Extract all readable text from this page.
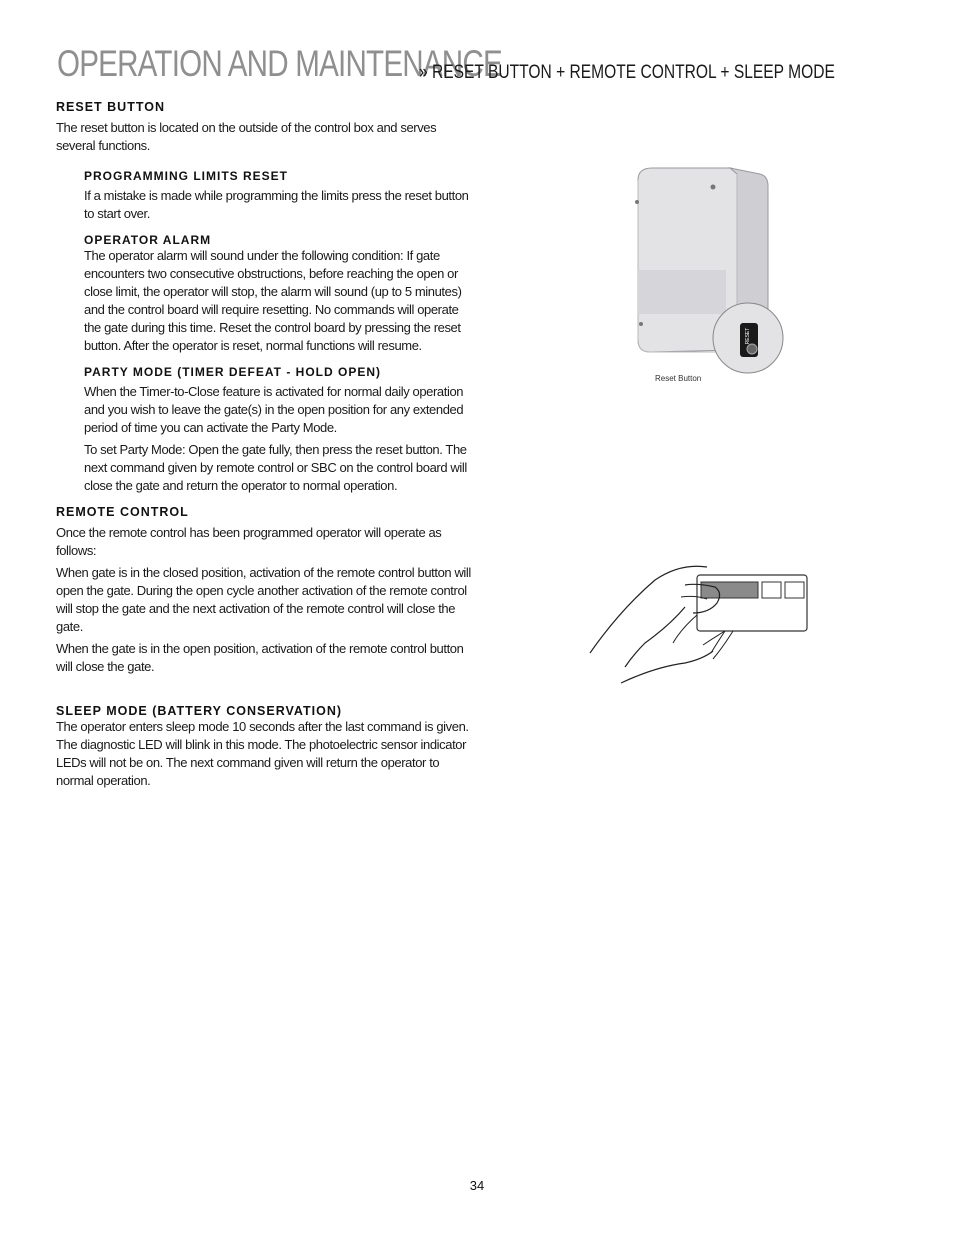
OPERATION AND MAINTENANCE
» RESET BUTTON + REMOTE CONTROL + SLEEP MODE
RESET BUTTON

The reset button is located on the outside of the control box and serves several functions.

PROGRAMMING LIMITS RESET

If a mistake is made while programming the limits press the reset button to start over.

OPERATOR ALARM

The operator alarm will sound under the following condition: If gate encounters two consecutive obstructions, before reaching the open or close limit, the operator will stop, the alarm will sound (up to 5 minutes) and the control board will require resetting. No commands will operate the gate during this time. Reset the control board by pressing the reset button. After the operator is reset, normal functions will resume.

PARTY MODE (TIMER DEFEAT - HOLD OPEN)

When the Timer-to-Close feature is activated for normal daily operation and you wish to leave the gate(s) in the open position for any extended period of time you can activate the Party Mode.

To set Party Mode: Open the gate fully, then press the reset button. The next command given by remote control or SBC on the control board will close the gate and return the operator to normal operation.

REMOTE CONTROL

Once the remote control has been programmed operator will operate as follows:

When gate is in the closed position, activation of the remote control button will open the gate. During the open cycle another activation of the remote control will stop the gate and the next activation of the remote control will close the gate.

When the gate is in the open position, activation of the remote control button will close the gate.

SLEEP MODE (BATTERY CONSERVATION)

The operator enters sleep mode 10 seconds after the last command is given. The diagnostic LED will blink in this mode. The photoelectric sensor indicator LEDs will not be on. The next command given will return the operator to normal operation.

RESET
Reset Button
34
